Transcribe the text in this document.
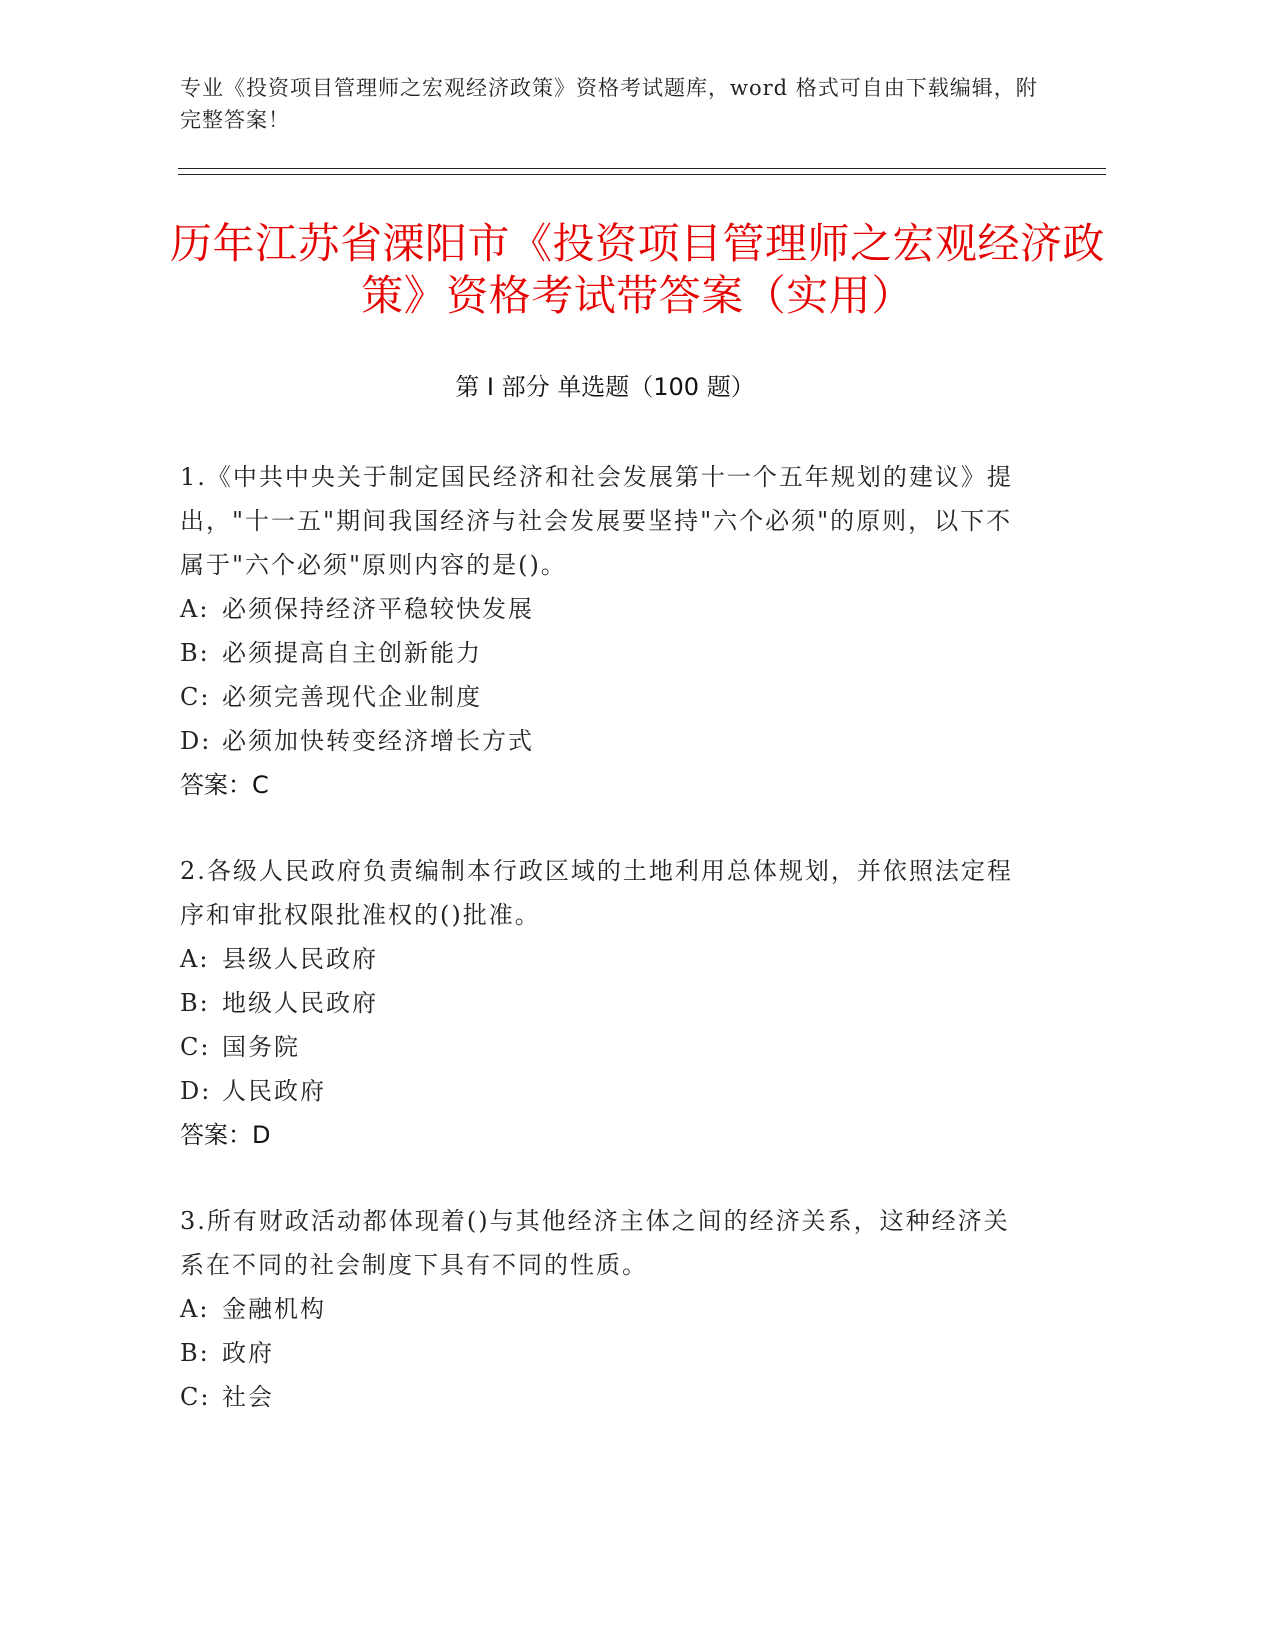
专业《投资项目管理师之宏观经济政策》资格考试题库，word 格式可自由下载编辑，附完整答案！
历年江苏省溧阳市《投资项目管理师之宏观经济政策》资格考试带答案（实用）
第 I 部分 单选题（100 题）
1.《中共中央关于制定国民经济和社会发展第十一个五年规划的建议》提出，"十一五"期间我国经济与社会发展要坚持"六个必须"的原则，以下不属于"六个必须"原则内容的是()。
A: 必须保持经济平稳较快发展
B: 必须提高自主创新能力
C: 必须完善现代企业制度
D: 必须加快转变经济增长方式
答案：C
2.各级人民政府负责编制本行政区域的土地利用总体规划，并依照法定程序和审批权限批准权的()批准。
A: 县级人民政府
B: 地级人民政府
C: 国务院
D: 人民政府
答案：D
3.所有财政活动都体现着()与其他经济主体之间的经济关系，这种经济关系在不同的社会制度下具有不同的性质。
A: 金融机构
B: 政府
C: 社会
